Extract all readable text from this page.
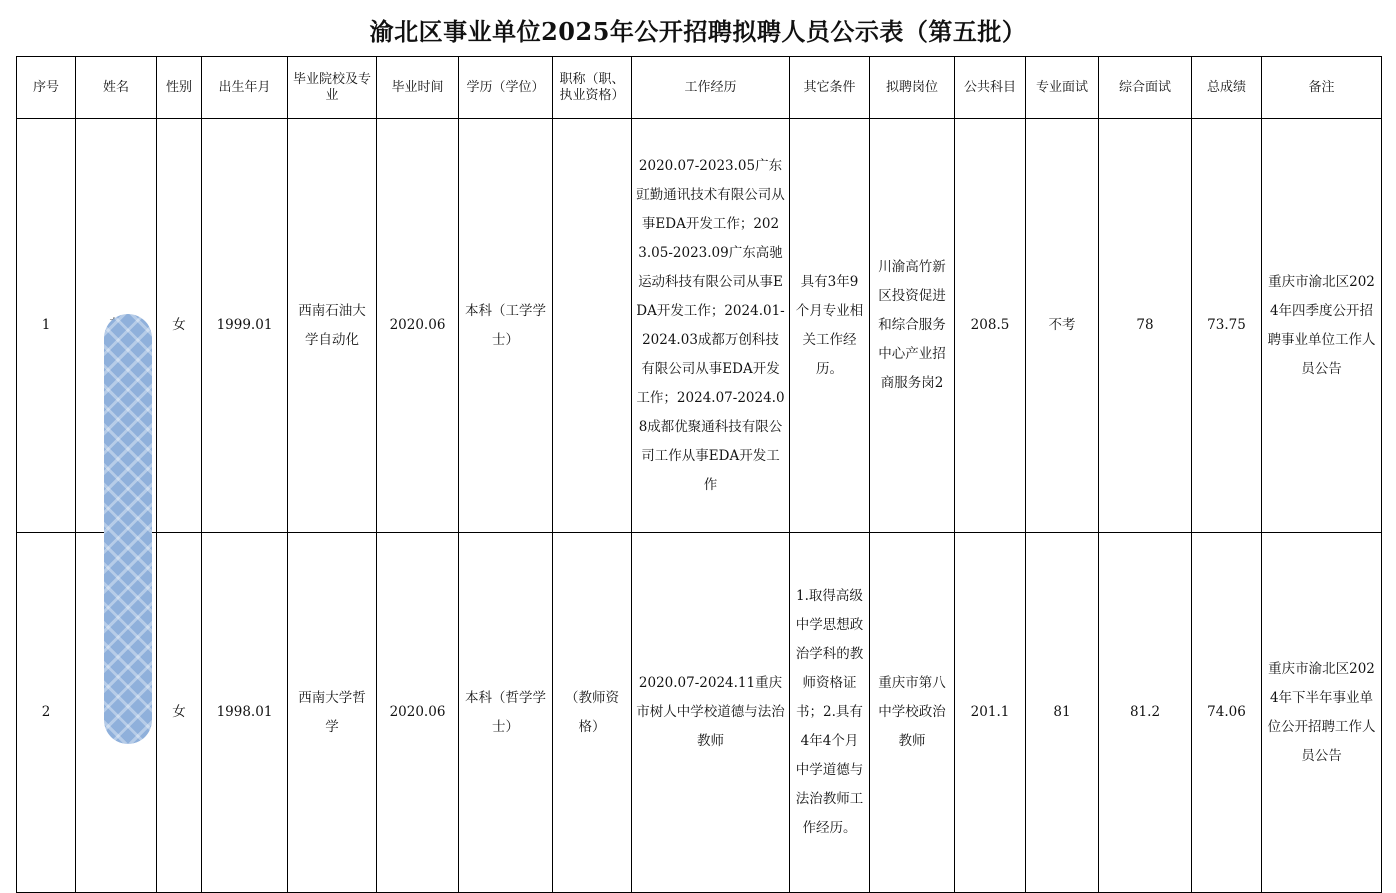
渝北区事业单位2025年公开招聘拟聘人员公示表（第五批）
序号	姓名	性别	出生年月	毕业院校及专业	毕业时间	学历（学位）	职称（职、执业资格）	工作经历	其它条件	拟聘岗位	公共科目	专业面试	综合面试	总成绩	备注
1		女	1999.01	西南石油大学自动化	2020.06	本科（工学学士）		2020.07-2023.05广东豇勤通讯技术有限公司从事EDA开发工作；2023.05-2023.09广东高驰运动科技有限公司从事EDA开发工作；2024.01-2024.03成都万创科技有限公司从事EDA开发工作；2024.07-2024.08成都优聚通科技有限公司工作从事EDA开发工作	具有3年9个月专业相关工作经历。	川渝高竹新区投资促进和综合服务中心产业招商服务岗2	208.5	不考	78	73.75	重庆市渝北区2024年四季度公开招聘事业单位工作人员公告
2		女	1998.01	西南大学哲学	2020.06	本科（哲学学士）	（教师资格）	2020.07-2024.11重庆市树人中学校道德与法治教师	1.取得高级中学思想政治学科的教师资格证书；2.具有4年4个月中学道德与法治教师工作经历。	重庆市第八中学校政治教师	201.1	81	81.2	74.06	重庆市渝北区2024年下半年事业单位公开招聘工作人员公告
